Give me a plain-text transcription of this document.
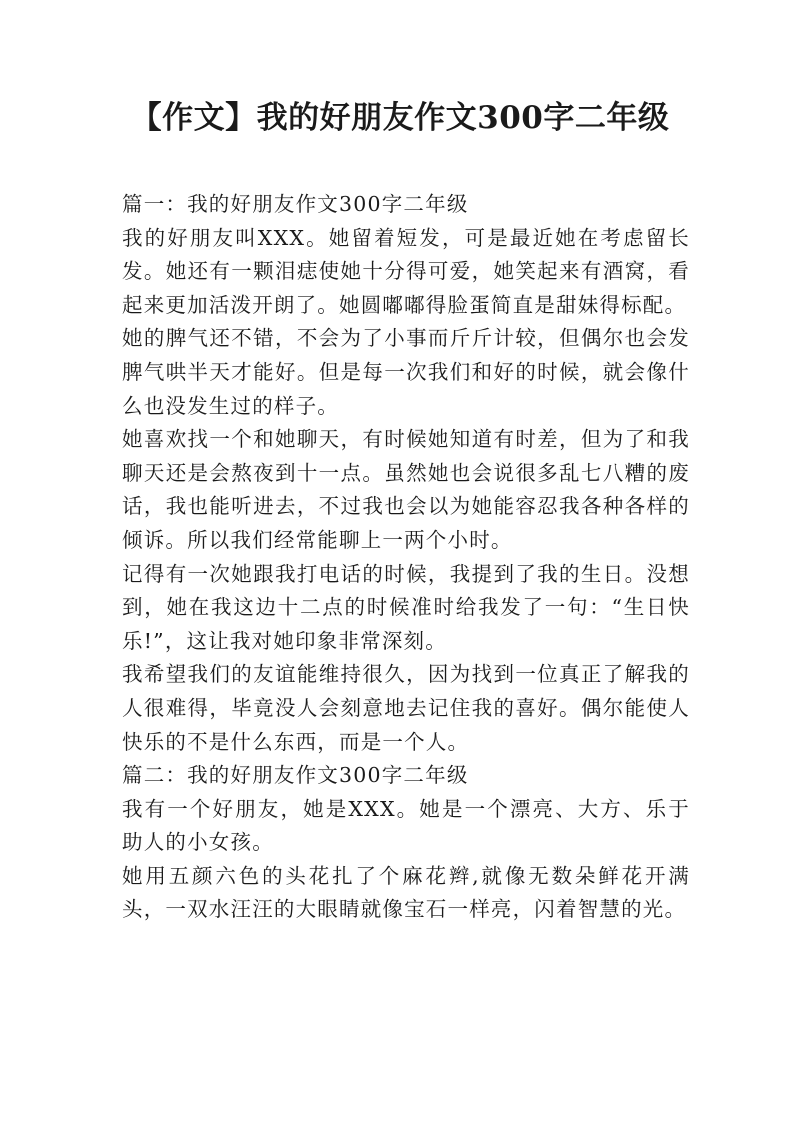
【作文】我的好朋友作文300字二年级

篇一：我的好朋友作文300字二年级

我的好朋友叫XXX。她留着短发，可是最近她在考虑留长发。她还有一颗泪痣使她十分得可爱，她笑起来有酒窝，看起来更加活泼开朗了。她圆嘟嘟得脸蛋简直是甜妹得标配。

她的脾气还不错，不会为了小事而斤斤计较，但偶尔也会发脾气哄半天才能好。但是每一次我们和好的时候，就会像什么也没发生过的样子。

她喜欢找一个和她聊天，有时候她知道有时差，但为了和我聊天还是会熬夜到十一点。虽然她也会说很多乱七八糟的废话，我也能听进去，不过我也会以为她能容忍我各种各样的倾诉。所以我们经常能聊上一两个小时。

记得有一次她跟我打电话的时候，我提到了我的生日。没想到，她在我这边十二点的时候准时给我发了一句：“生日快乐!”，这让我对她印象非常深刻。

我希望我们的友谊能维持很久，因为找到一位真正了解我的人很难得，毕竟没人会刻意地去记住我的喜好。偶尔能使人快乐的不是什么东西，而是一个人。

篇二：我的好朋友作文300字二年级

我有一个好朋友，她是XXX。她是一个漂亮、大方、乐于助人的小女孩。

她用五颜六色的头花扎了个麻花辫,就像无数朵鲜花开满头，一双水汪汪的大眼睛就像宝石一样亮，闪着智慧的光。
